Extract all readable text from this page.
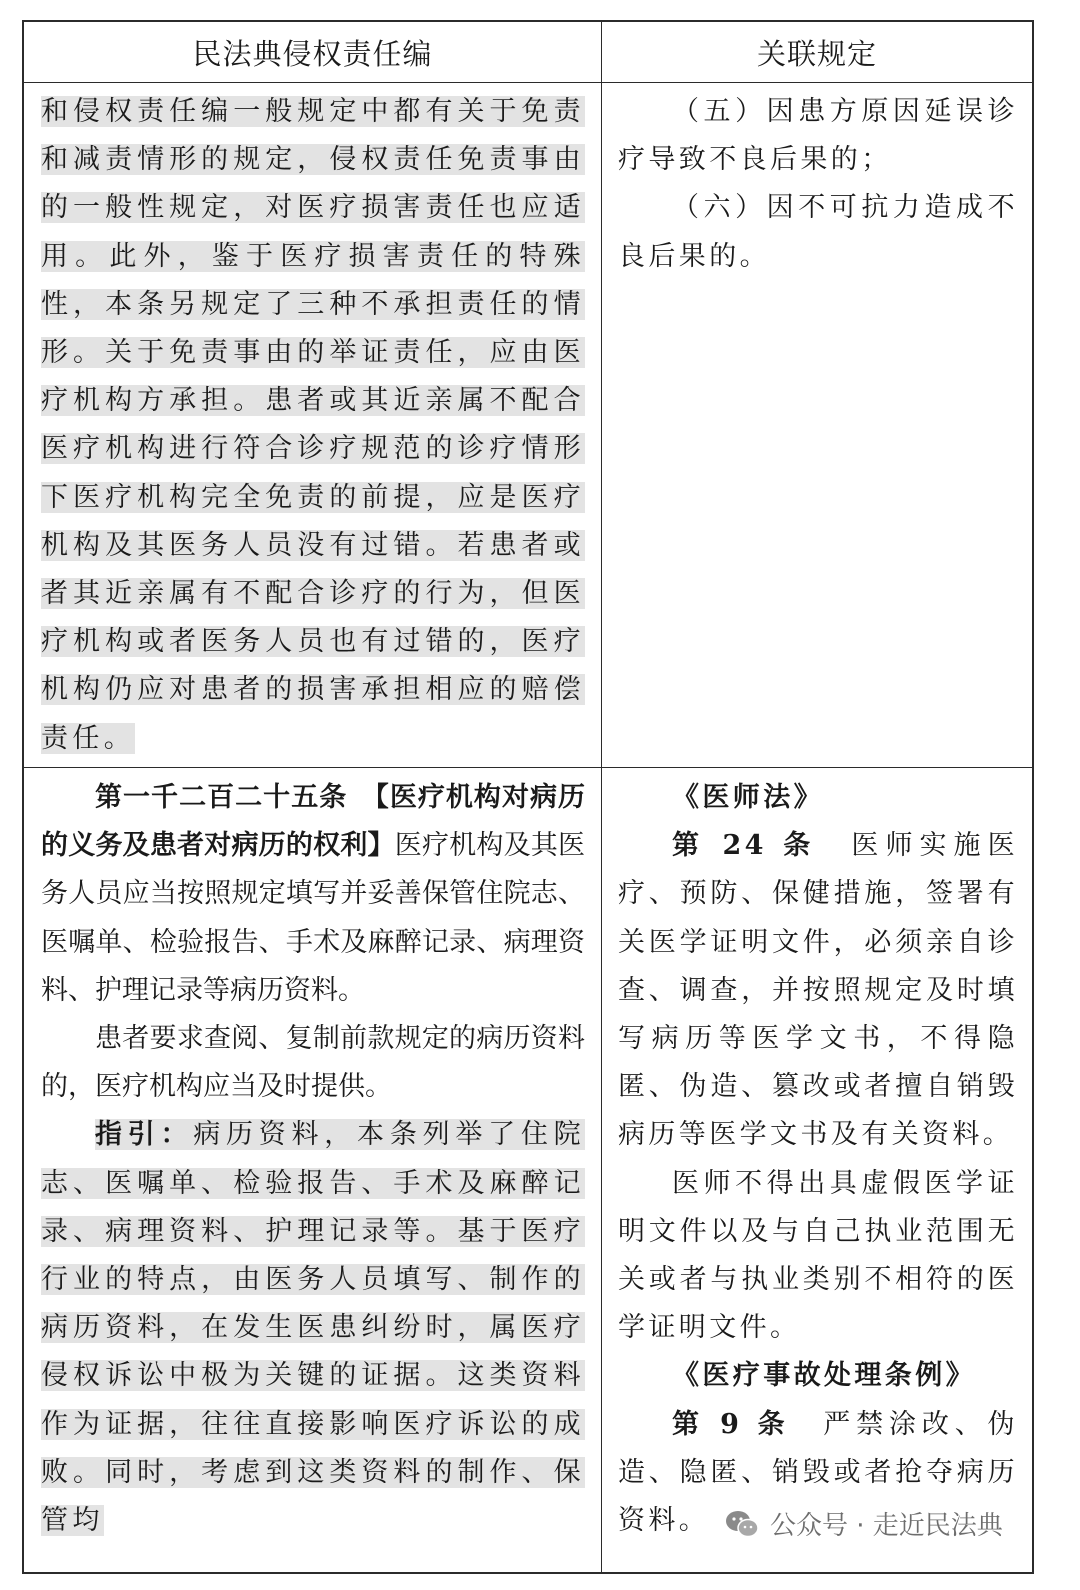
民法典侵权责任编	关联规定

和侵权责任编一般规定中都有关于免责和减责情形的规定，侵权责任免责事由的一般性规定，对医疗损害责任也应适用。此外，鉴于医疗损害责任的特殊性，本条另规定了三种不承担责任的情形。关于免责事由的举证责任，应由医疗机构方承担。患者或其近亲属不配合医疗机构进行符合诊疗规范的诊疗情形下医疗机构完全免责的前提，应是医疗机构及其医务人员没有过错。若患者或者其近亲属有不配合诊疗的行为，但医疗机构或者医务人员也有过错的，医疗机构仍应对患者的损害承担相应的赔偿责任。

（五）因患方原因延误诊疗导致不良后果的；

（六）因不可抗力造成不良后果的。

第一千二百二十五条　【医疗机构对病历的义务及患者对病历的权利】医疗机构及其医务人员应当按照规定填写并妥善保管住院志、医嘱单、检验报告、手术及麻醉记录、病理资料、护理记录等病历资料。

患者要求查阅、复制前款规定的病历资料的，医疗机构应当及时提供。

指引：病历资料，本条列举了住院志、医嘱单、检验报告、手术及麻醉记录、病理资料、护理记录等。基于医疗行业的特点，由医务人员填写、制作的病历资料，在发生医患纠纷时，属医疗侵权诉讼中极为关键的证据。这类资料作为证据，往往直接影响医疗诉讼的成败。同时，考虑到这类资料的制作、保管均

《医师法》

第 24 条　 医师实施医疗、预防、保健措施，签署有关医学证明文件，必须亲自诊查、调查，并按照规定及时填写病历等医学文书，不得隐匿、伪造、篡改或者擅自销毁病历等医学文书及有关资料。

医师不得出具虚假医学证明文件以及与自己执业范围无关或者与执业类别不相符的医学证明文件。

《医疗事故处理条例》

第 9 条　 严禁涂改、伪造、隐匿、销毁或者抢夺病历资料。	公众号 · 走近民法典
